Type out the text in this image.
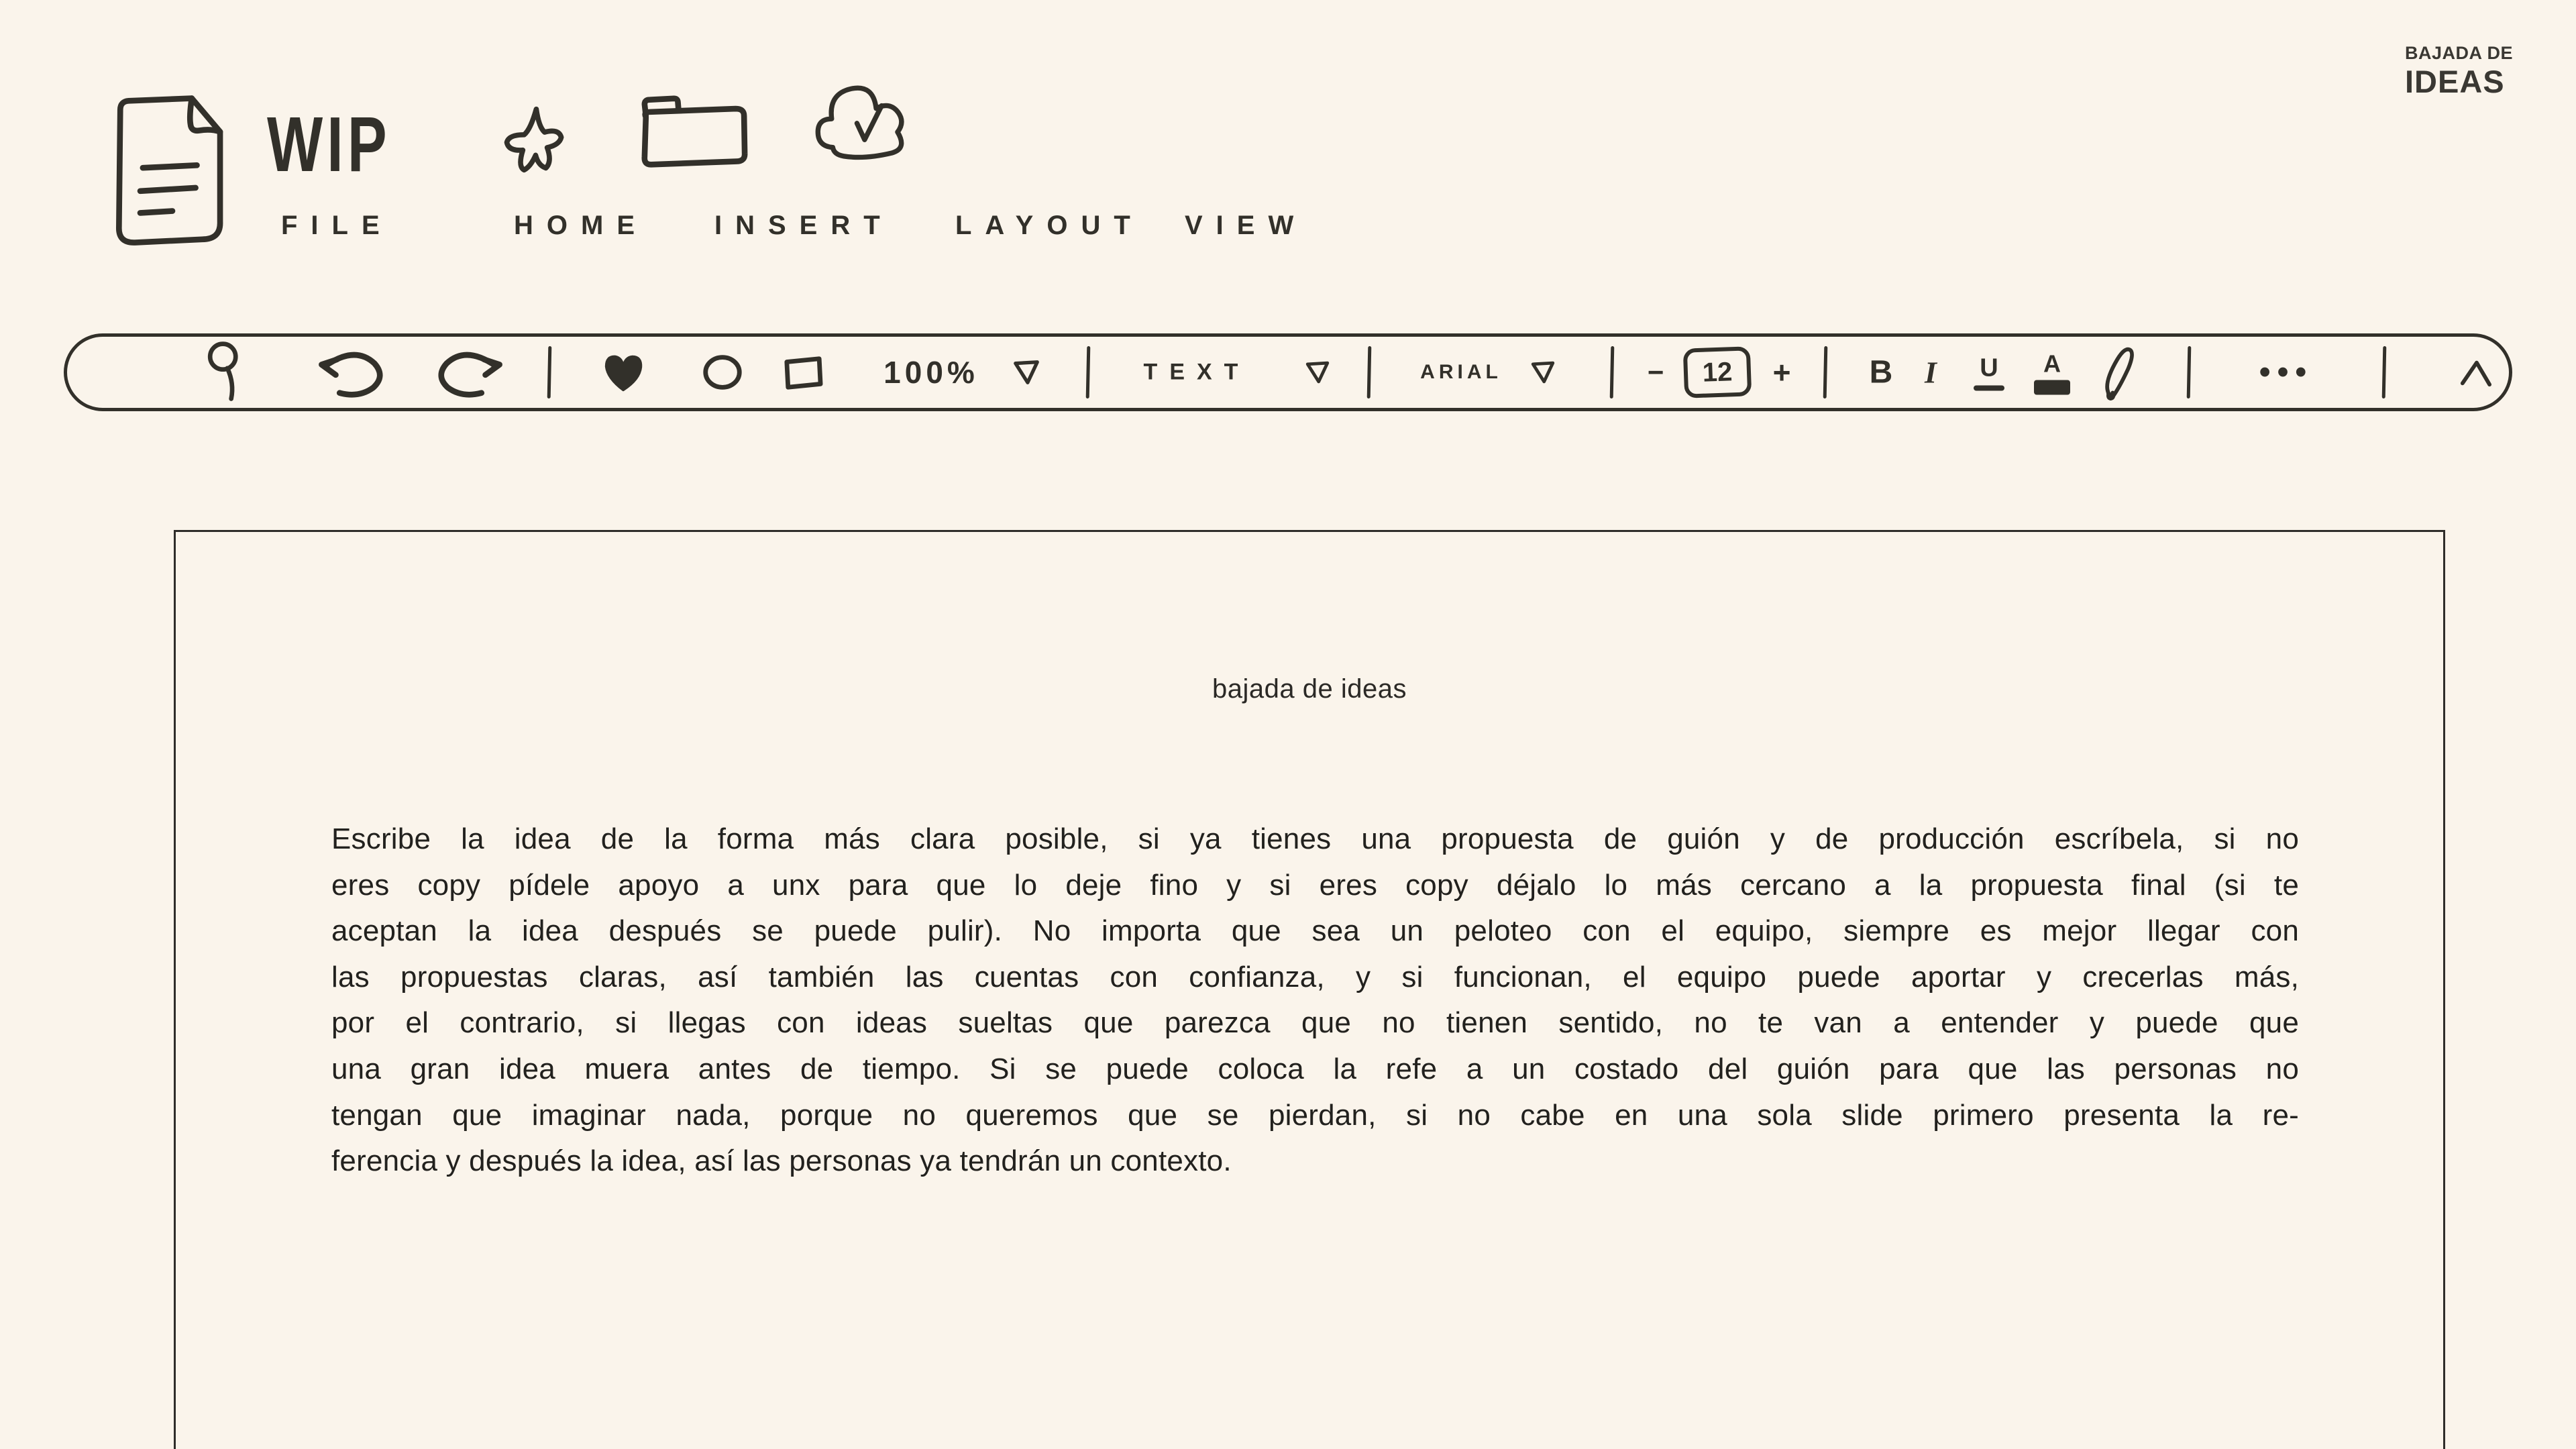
WIP
FILE	HOME INSERT LAYOUT VIEW
BAJADA DE
IDEAS
100%	TEXT	ARIAL	−	12	+ B I U A	•••
bajada de ideas
Escribe la idea de la forma más clara posible, si ya tienes una propuesta de guión y de producción escríbela, si no
eres copy pídele apoyo a unx para que lo deje fino y si eres copy déjalo lo más cercano a la propuesta final (si te
aceptan la idea después se puede pulir). No importa que sea un peloteo con el equipo, siempre es mejor llegar con
las propuestas claras, así también las cuentas con confianza, y si funcionan, el equipo puede aportar y crecerlas más,
por el contrario, si llegas con ideas sueltas que parezca que no tienen sentido, no te van a entender y puede que
una gran idea muera antes de tiempo. Si se puede coloca la refe a un costado del guión para que las personas no
tengan que imaginar nada, porque no queremos que se pierdan, si no cabe en una sola slide primero presenta la re-
ferencia y después la idea, así las personas ya tendrán un contexto.
